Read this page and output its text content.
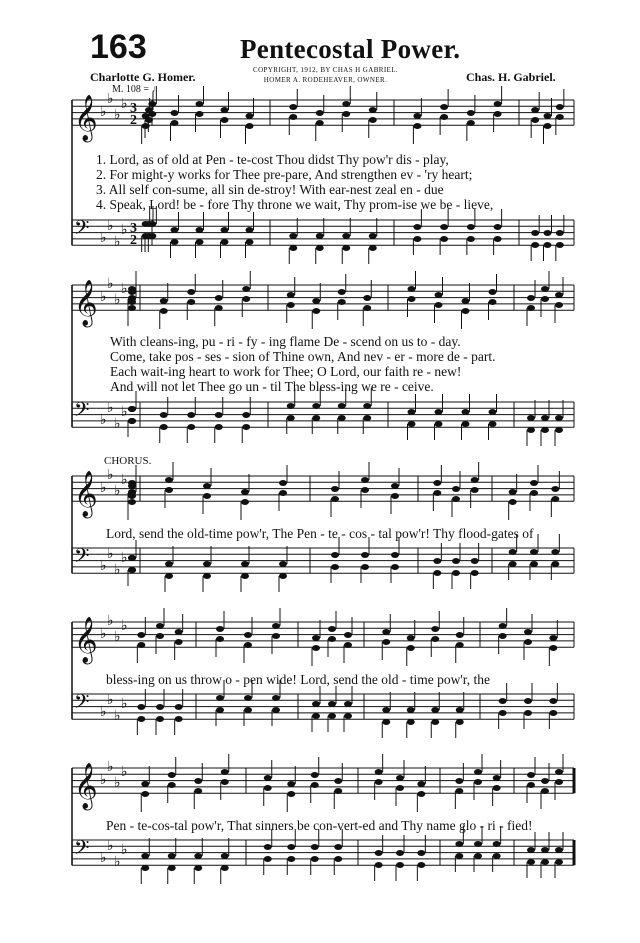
163	Pentecostal Power.
Charlotte G. Homer.	COPYRIGHT, 1912, BY CHAS H GABRIEL.
HOMER A. RODEHEAVER, OWNER.	Chas. H. Gabriel.
M. 108 = ♩
𝄞 ♭
♭
♭
♭
𝄢 ♭
♭
♭
♭
3
2
3
2
𝄞 ♭
♭
♭
♭
𝄢 ♭
♭
♭
♭
𝄞 ♭
♭
♭
♭
𝄢 ♭
♭
♭
♭
𝄞 ♭
♭
♭
♭
𝄢 ♭
♭
♭
♭
𝄞 ♭
♭
♭
♭
𝄢 ♭
♭
♭
♭
1. Lord, as of old at Pen - te-cost Thou didst Thy pow'r dis - play,
2. For might-y works for Thee pre-pare, And strengthen ev - 'ry heart;
3. All self con-sume, all sin de-stroy! With ear-nest zeal en - due
4. Speak, Lord! be - fore Thy throne we wait, Thy prom-ise we be - lieve,
With cleans-ing, pu - ri - fy - ing flame De - scend on us to - day.
Come, take pos - ses - sion of Thine own, And nev - er - more de - part.
Each wait-ing heart to work for Thee; O Lord, our faith re - new!
And will not let Thee go un - til The bless-ing we re - ceive.
CHORUS.
Lord, send the old-time pow'r, The Pen - te - cos - tal pow'r! Thy flood-gates of
bless-ing on us throw o - pen wide! Lord, send the old - time pow'r, the
Pen - te-cos-tal pow'r, That sinners be con-vert-ed and Thy name glo - ri - fied!
